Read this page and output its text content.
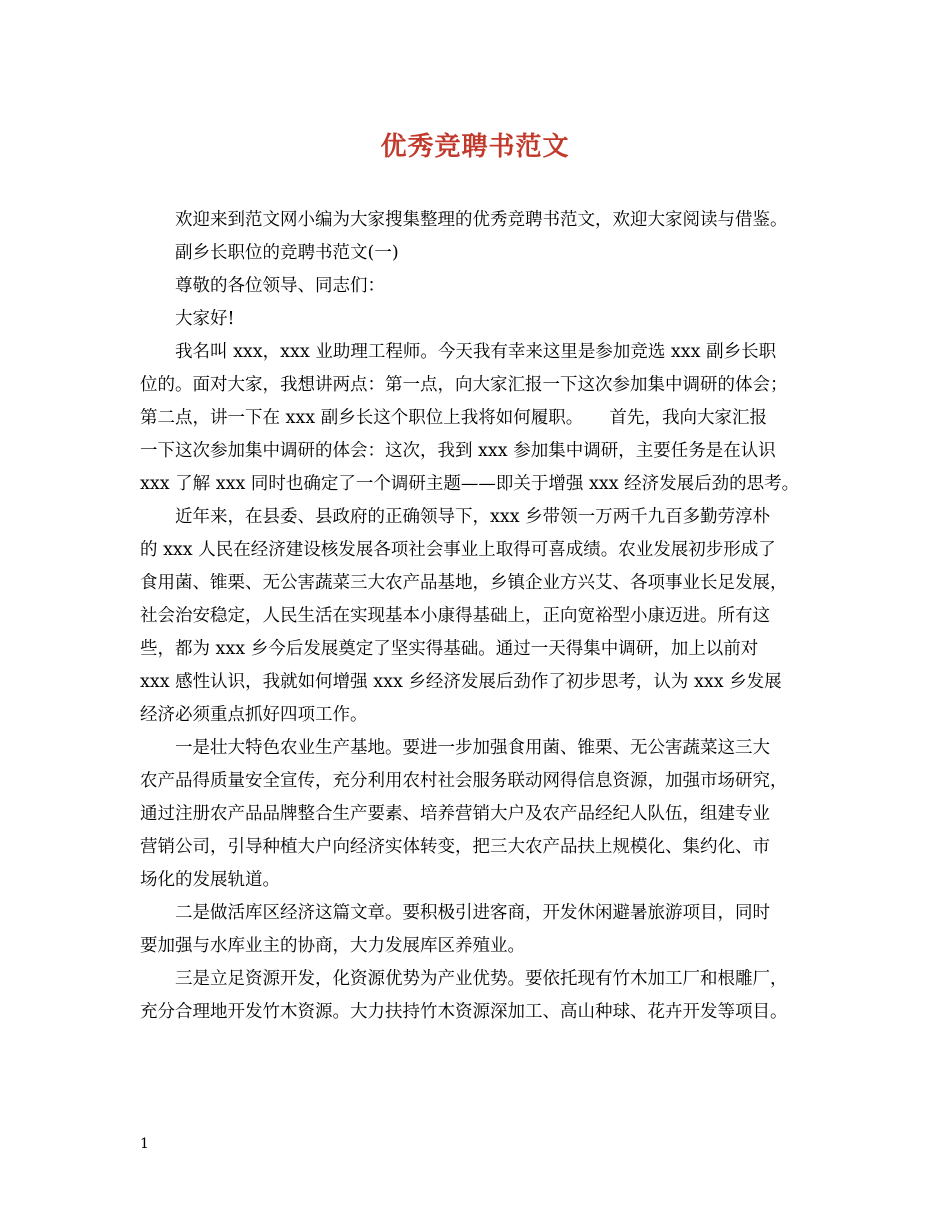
优秀竞聘书范文

欢迎来到范文网小编为大家搜集整理的优秀竞聘书范文，欢迎大家阅读与借鉴。

副乡长职位的竞聘书范文(一)

尊敬的各位领导、同志们：

大家好!

我名叫 xxx，xxx 业助理工程师。今天我有幸来这里是参加竞选 xxx 副乡长职
位的。面对大家，我想讲两点：第一点，向大家汇报一下这次参加集中调研的体会；
第二点，讲一下在 xxx 副乡长这个职位上我将如何履职。　　首先，我向大家汇报
一下这次参加集中调研的体会：这次，我到 xxx 参加集中调研，主要任务是在认识
xxx 了解 xxx 同时也确定了一个调研主题——即关于增强 xxx 经济发展后劲的思考。

近年来，在县委、县政府的正确领导下，xxx 乡带领一万两千九百多勤劳淳朴
的 xxx 人民在经济建设核发展各项社会事业上取得可喜成绩。农业发展初步形成了
食用菌、锥栗、无公害蔬菜三大农产品基地，乡镇企业方兴艾、各项事业长足发展，
社会治安稳定，人民生活在实现基本小康得基础上，正向宽裕型小康迈进。所有这
些，都为 xxx 乡今后发展奠定了坚实得基础。通过一天得集中调研，加上以前对
xxx 感性认识，我就如何增强 xxx 乡经济发展后劲作了初步思考，认为 xxx 乡发展
经济必须重点抓好四项工作。

一是壮大特色农业生产基地。要进一步加强食用菌、锥栗、无公害蔬菜这三大
农产品得质量安全宣传，充分利用农村社会服务联动网得信息资源，加强市场研究，
通过注册农产品品牌整合生产要素、培养营销大户及农产品经纪人队伍，组建专业
营销公司，引导种植大户向经济实体转变，把三大农产品扶上规模化、集约化、市
场化的发展轨道。

二是做活库区经济这篇文章。要积极引进客商，开发休闲避暑旅游项目，同时
要加强与水库业主的协商，大力发展库区养殖业。

三是立足资源开发，化资源优势为产业优势。要依托现有竹木加工厂和根雕厂，
充分合理地开发竹木资源。大力扶持竹木资源深加工、高山种球、花卉开发等项目。

1
